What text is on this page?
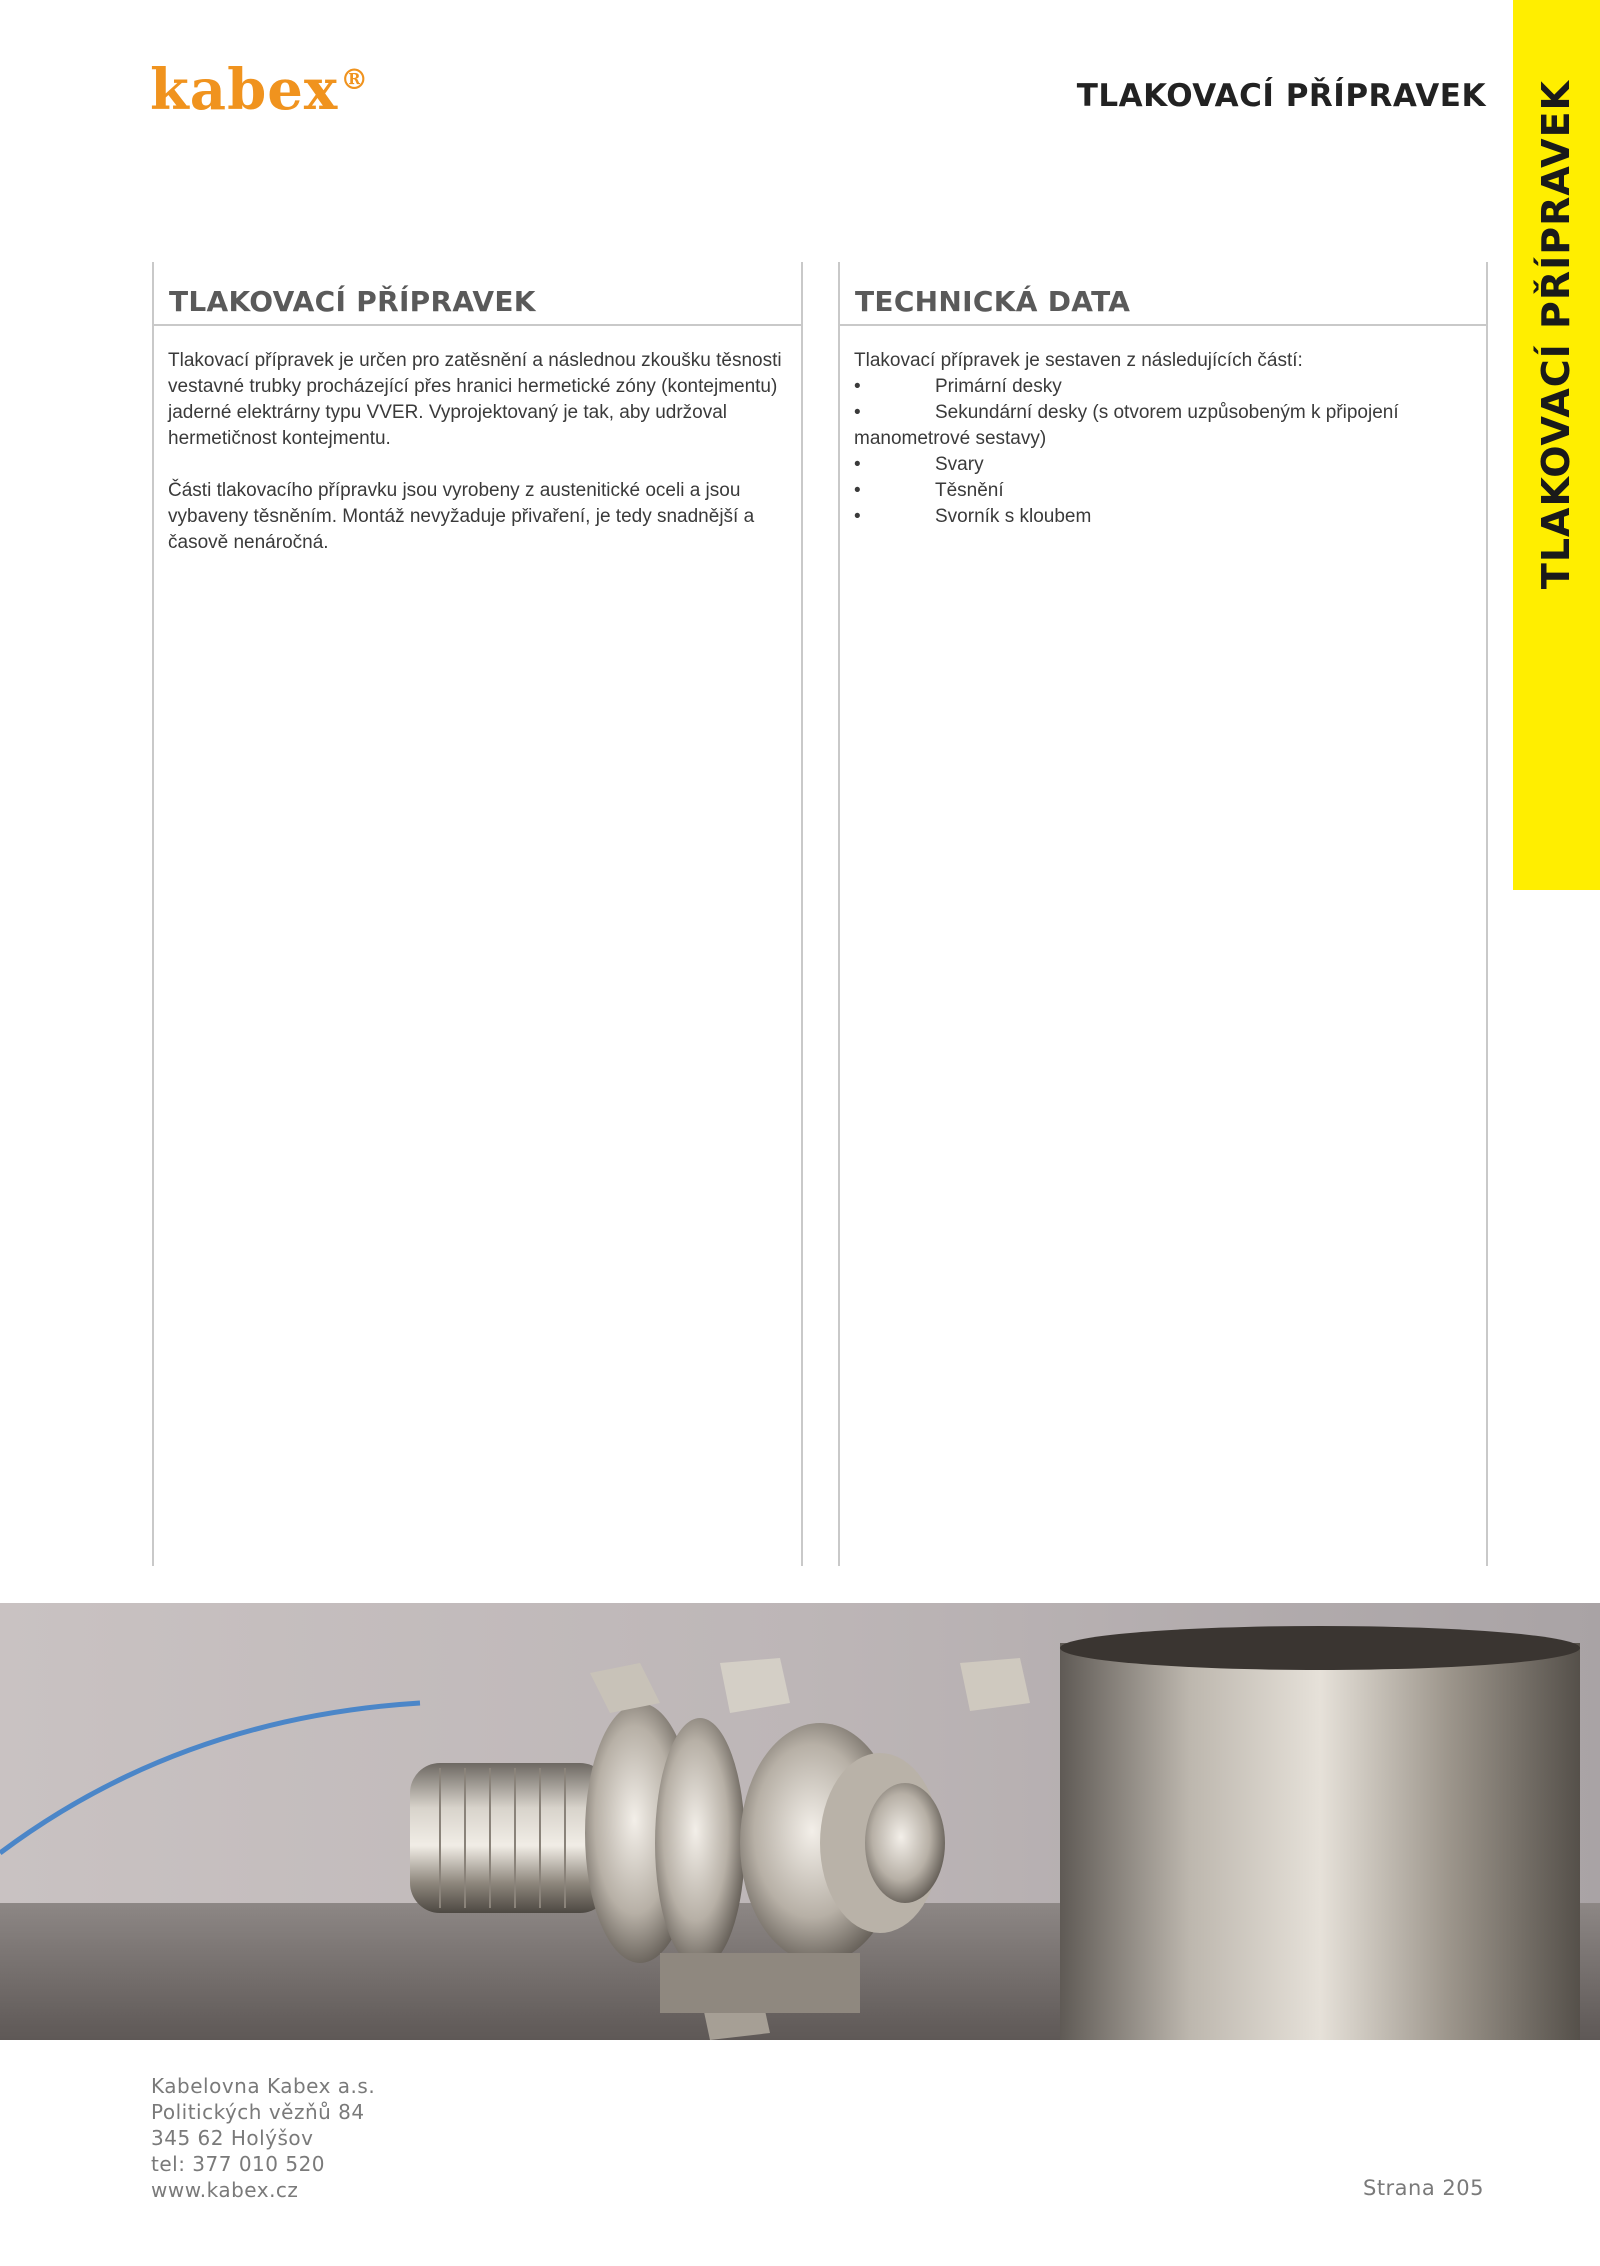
kabex®	TLAKOVACÍ PŘÍPRAVEK TLAKOVACÍ PŘÍPRAVEK
TLAKOVACÍ PŘÍPRAVEK

Tlakovací přípravek je určen pro zatěsnění a následnou zkoušku těsnosti vestavné trubky procházející přes hranici hermetické zóny (kontejmentu) jaderné elektrárny typu VVER. Vyprojektovaný je tak, aby udržoval hermetičnost kontejmentu.

Části tlakovacího přípravku jsou vyrobeny z austenitické oceli a jsou vybaveny těsněním. Montáž nevyžaduje přivaření, je tedy snadnější a časově nenáročná.

TECHNICKÁ DATA
Tlakovací přípravek je sestaven z následujících částí:
•	Primární desky
•	Sekundární desky (s otvorem uzpůsobeným k připojení manometrové sestavy)
•	Svary
•	Těsnění
•	Svorník s kloubem
Kabelovna Kabex a.s.
Politických vězňů 84
345 62 Holýšov
tel: 377 010 520
www.kabex.cz	Strana 205
